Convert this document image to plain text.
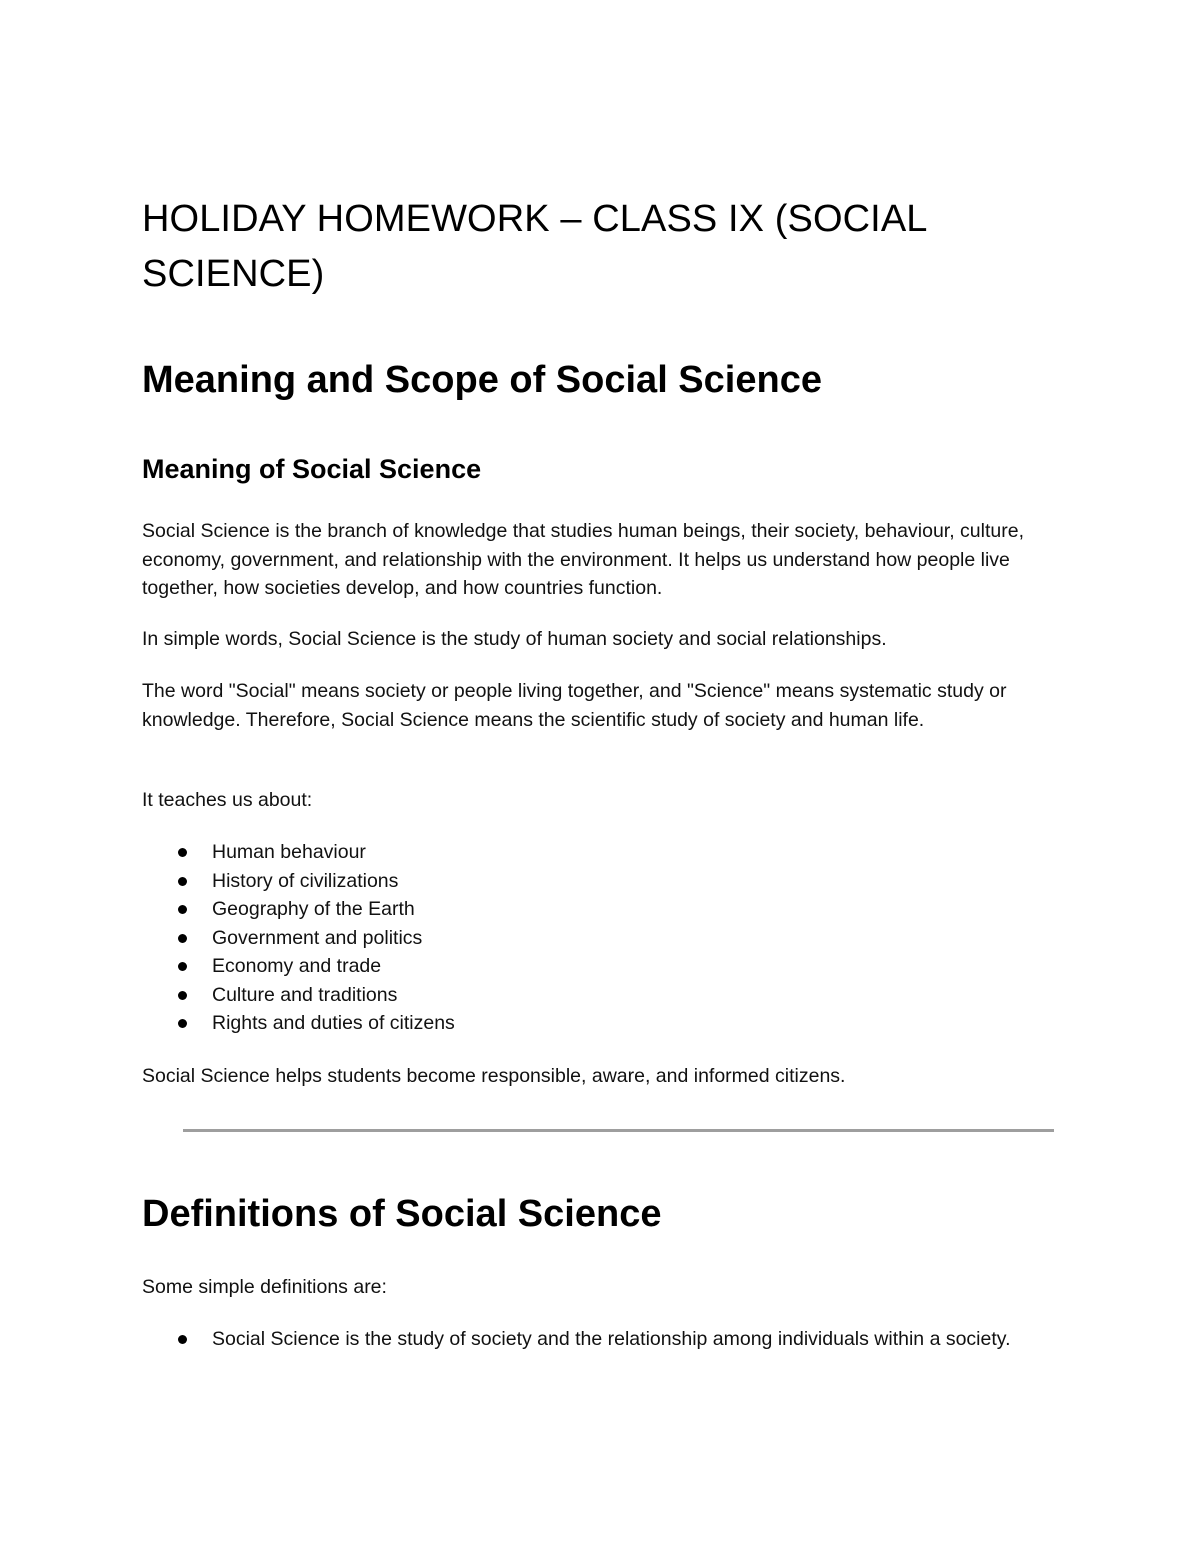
HOLIDAY HOMEWORK – CLASS IX (SOCIAL SCIENCE)
Meaning and Scope of Social Science
Meaning of Social Science

Social Science is the branch of knowledge that studies human beings, their society, behaviour, culture, economy, government, and relationship with the environment. It helps us understand how people live together, how societies develop, and how countries function.

In simple words, Social Science is the study of human society and social relationships.

The word "Social" means society or people living together, and "Science" means systematic study or knowledge. Therefore, Social Science means the scientific study of society and human life.

It teaches us about:

Human behaviour
History of civilizations
Geography of the Earth
Government and politics
Economy and trade
Culture and traditions
Rights and duties of citizens

Social Science helps students become responsible, aware, and informed citizens.

Definitions of Social Science

Some simple definitions are:

Social Science is the study of society and the relationship among individuals within a society.
